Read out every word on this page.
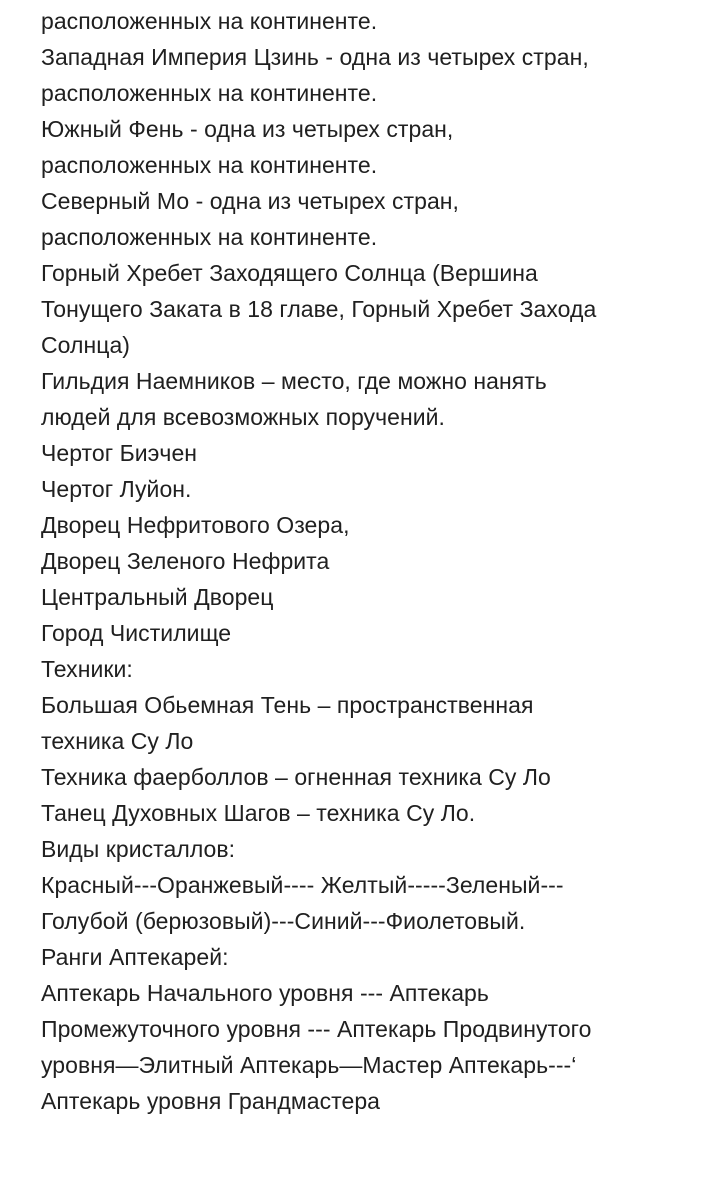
расположенных на континенте.
Западная Империя Цзинь - одна из четырех стран,
расположенных на континенте.
Южный Фень - одна из четырех стран,
расположенных на континенте.
Северный Мо - одна из четырех стран,
расположенных на континенте.
Горный Хребет Заходящего Солнца (Вершина
Тонущего Заката в 18 главе, Горный Хребет Захода
Солнца)
Гильдия Наемников – место, где можно нанять
людей для всевозможных поручений.
Чертог Биэчен
Чертог Луйон.
Дворец Нефритового Озера,
Дворец Зеленого Нефрита
Центральный Дворец
Город Чистилище
Техники:
Большая Обьемная Тень – пространственная
техника Су Ло
Техника фаерболлов – огненная техника Су Ло
Танец Духовных Шагов – техника Су Ло.
Виды кристаллов:
Красный---Оранжевый---- Желтый-----Зеленый---
Голубой (берюзовый)---Синий---Фиолетовый.
Ранги Аптекарей:
Аптекарь Начального уровня --- Аптекарь
Промежуточного уровня --- Аптекарь Продвинутого
уровня—Элитный Аптекарь—Мастер Аптекарь---‘
Аптекарь уровня Грандмастера
